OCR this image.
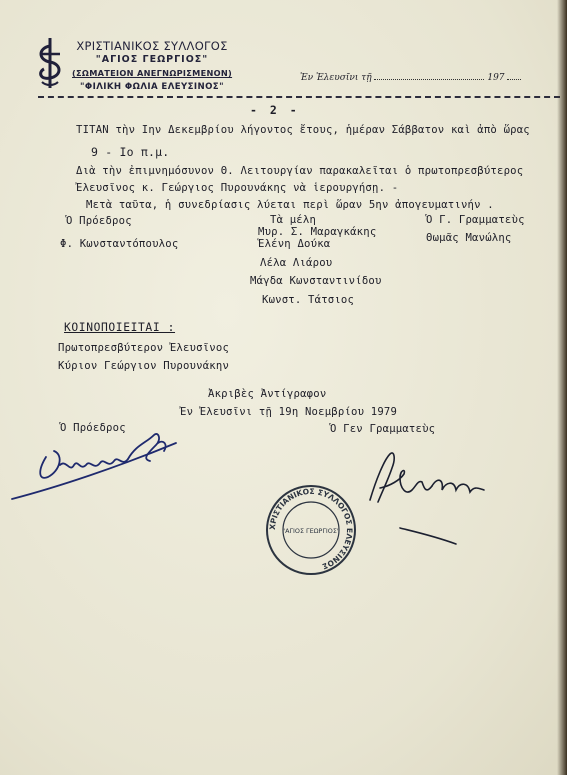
ΧΡΙΣΤΙΑΝΙΚΟΣ ΣΥΛΛΟΓΟΣ
"ΑΓΙΟΣ ΓΕΩΡΓΙΟΣ"
(ΣΩΜΑΤΕΙΟΝ ΑΝΕΓΝΩΡΙΣΜΕΝΟΝ)
"ΦΙΛΙΚΗ ΦΩΛΙΑ ΕΛΕΥΣΙΝΟΣ"
Ἐν Ἐλευσῖνι τῇ	197
- 2 -
ΤΙΤΑΝ τὴν Ιην Δεκεμβρίου λήγοντος ἔτους, ἡμέραν Σάββατον καὶ ἀπὸ ὥρας
9 - Ιο π.μ.
Διὰ τὴν ἐπιμνημόσυνον Θ. Λειτουργίαν παρακαλεῖται ὁ πρωτοπρεσβύτερος
Ἐλευσῖνος κ. Γεώργιος Πυρουνάκης νὰ ἱερουργήσῃ. -
Μετὰ ταῦτα, ἡ συνεδρίασις λύεται περὶ ὥραν 5ην ἀπογευματινήν .
Ὁ Πρόεδρος
Φ. Κωνσταντόπουλος
Τὰ μέλη
Μυρ. Σ. Μαραγκάκης
Ἑλένη Δούκα
Λέλα Λιάρου
Μάγδα Κωνσταντινίδου
Κωνστ. Τάτσιος
Ὁ Γ. Γραμματεὺς
Θωμᾶς Μανώλης
ΚΟΙΝΟΠΟΙΕΙΤΑΙ :
Πρωτοπρεσβύτερον Ἐλευσῖνος
Κύριον Γεώργιον Πυρουνάκην
Ἀκριβὲς Ἀντίγραφον
Ἐν Ἐλευσῖνι τῇ 19η Νοεμβρίου 1979
Ὁ Πρόεδρος	Ὁ Γεν Γραμματεὺς
ΧΡΙΣΤΙΑΝΙΚΟΣ ΣΥΛΛΟΓΟΣ ΕΛΕΥΣΙΝΟΣ
"ΑΓΙΟΣ ΓΕΩΡΓΙΟΣ"
